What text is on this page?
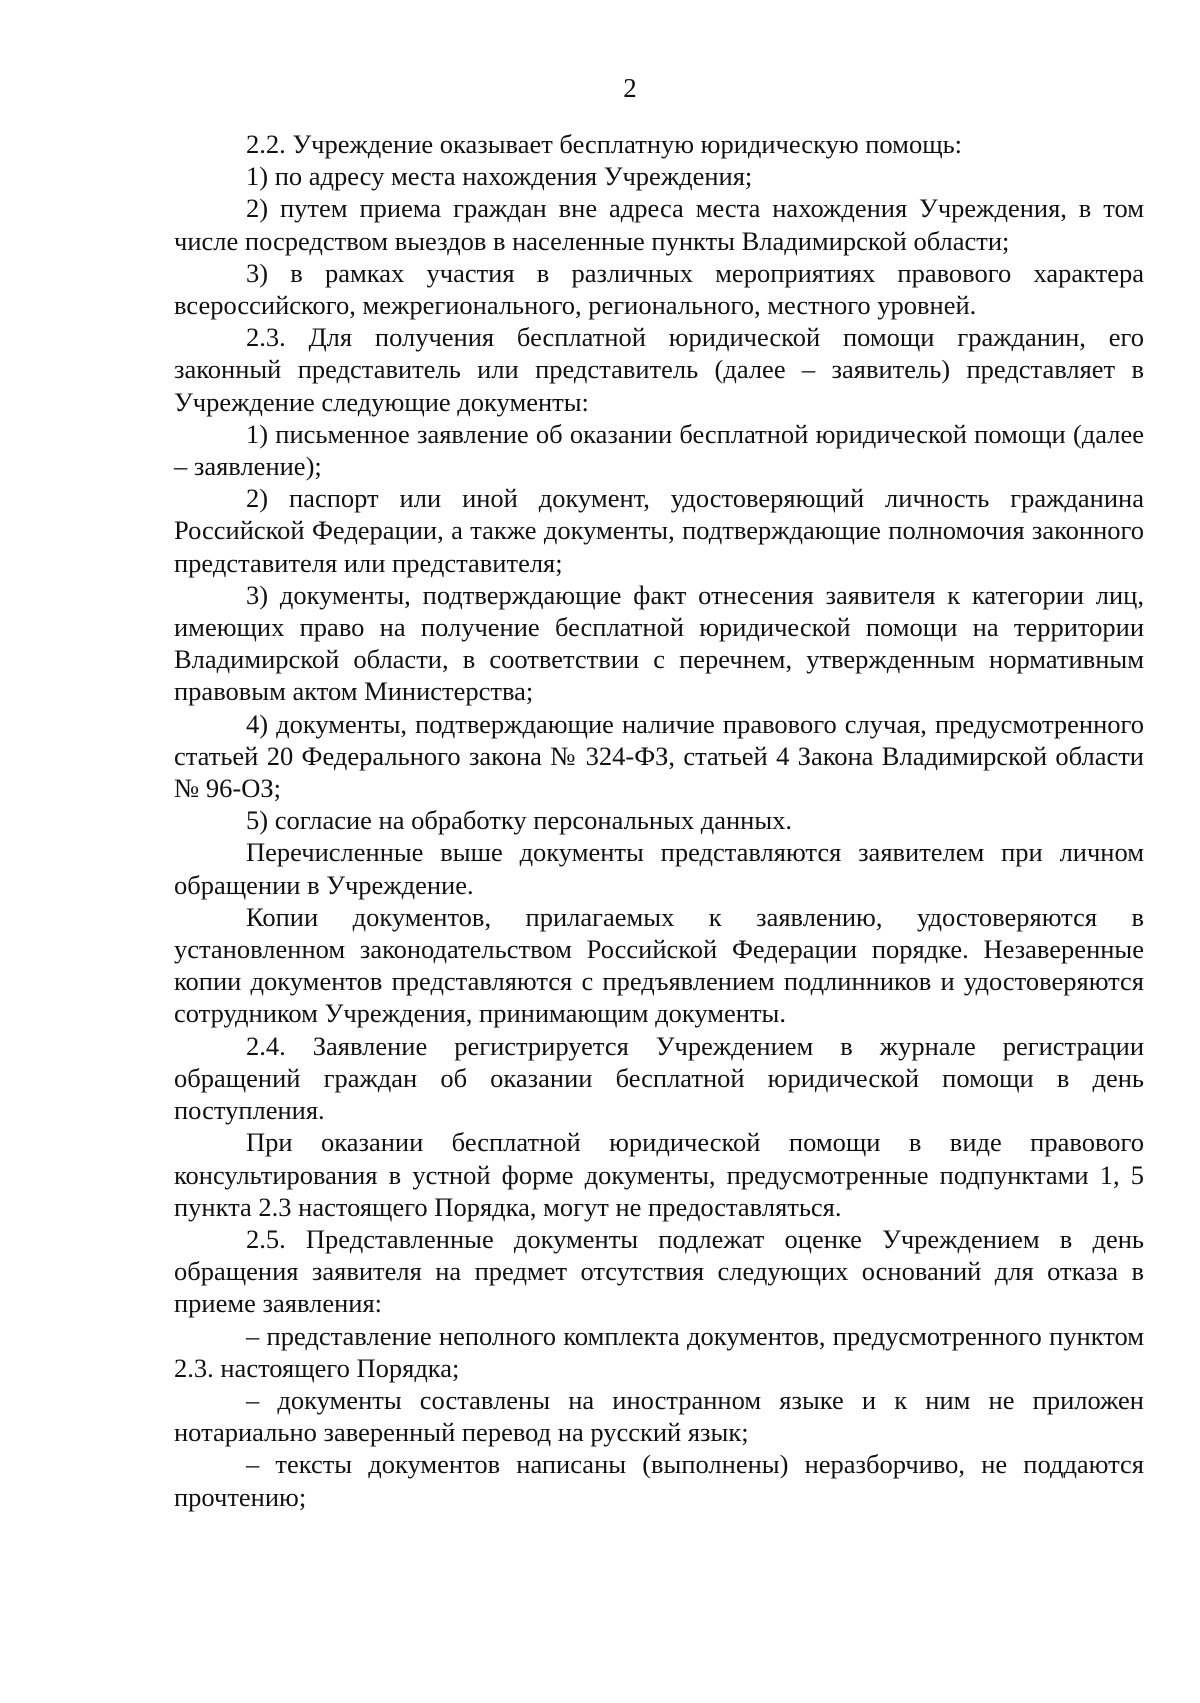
2

2.2. Учреждение оказывает бесплатную юридическую помощь:

1) по адресу места нахождения Учреждения;

2) путем приема граждан вне адреса места нахождения Учреждения, в том числе посредством выездов в населенные пункты Владимирской области;

3) в рамках участия в различных мероприятиях правового характера всероссийского, межрегионального, регионального, местного уровней.

2.3. Для получения бесплатной юридической помощи гражданин, его законный представитель или представитель (далее – заявитель) представляет в Учреждение следующие документы:

1) письменное заявление об оказании бесплатной юридической помощи (далее – заявление);

2) паспорт или иной документ, удостоверяющий личность гражданина Российской Федерации, а также документы, подтверждающие полномочия законного представителя или представителя;

3) документы, подтверждающие факт отнесения заявителя к категории лиц, имеющих право на получение бесплатной юридической помощи на территории Владимирской области, в соответствии с перечнем, утвержденным нормативным правовым актом Министерства;

4) документы, подтверждающие наличие правового случая, предусмотренного статьей 20 Федерального закона № 324-ФЗ, статьей 4 Закона Владимирской области № 96-ОЗ;

5) согласие на обработку персональных данных.

Перечисленные выше документы представляются заявителем при личном обращении в Учреждение.

Копии документов, прилагаемых к заявлению, удостоверяются в установленном законодательством Российской Федерации порядке. Незаверенные копии документов представляются с предъявлением подлинников и удостоверяются сотрудником Учреждения, принимающим документы.

2.4. Заявление регистрируется Учреждением в журнале регистрации обращений граждан об оказании бесплатной юридической помощи в день поступления.

При оказании бесплатной юридической помощи в виде правового консультирования в устной форме документы, предусмотренные подпунктами 1, 5 пункта 2.3 настоящего Порядка, могут не предоставляться.

2.5. Представленные документы подлежат оценке Учреждением в день обращения заявителя на предмет отсутствия следующих оснований для отказа в приеме заявления:

– представление неполного комплекта документов, предусмотренного пунктом 2.3. настоящего Порядка;

– документы составлены на иностранном языке и к ним не приложен нотариально заверенный перевод на русский язык;

– тексты документов написаны (выполнены) неразборчиво, не поддаются прочтению;
